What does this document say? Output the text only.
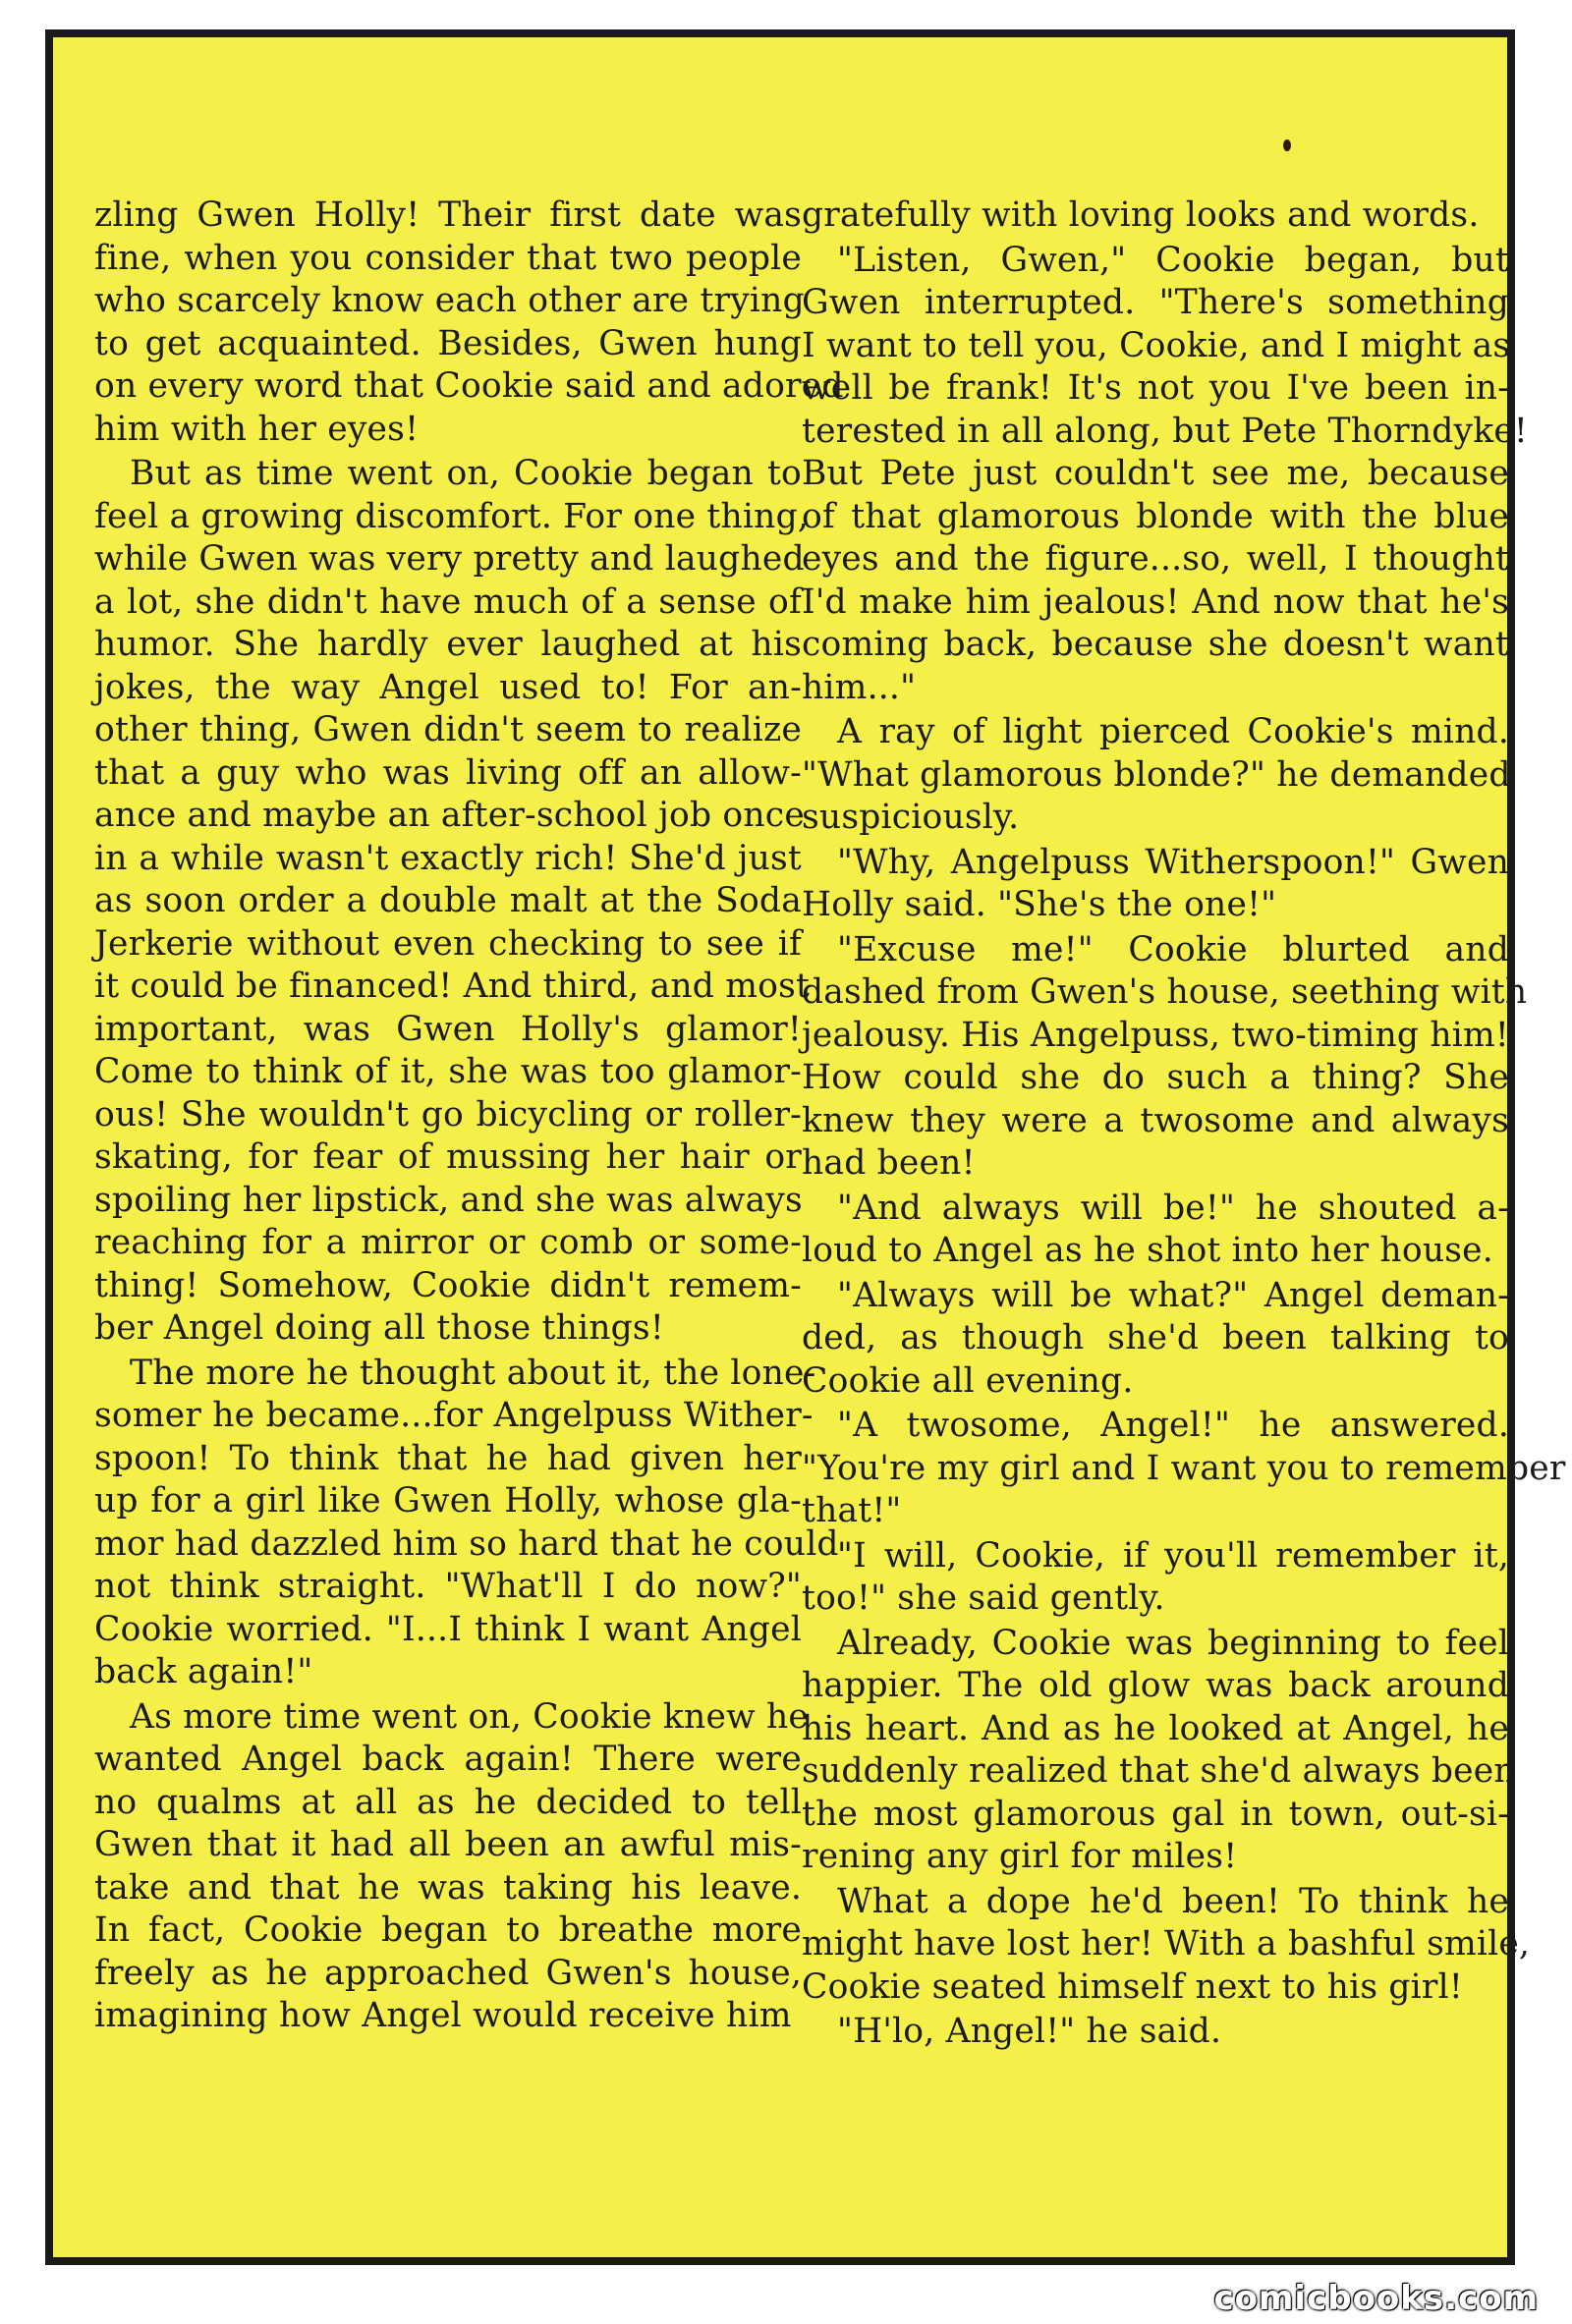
zling Gwen Holly! Their first date was
fine, when you consider that two people
who scarcely know each other are trying
to get acquainted. Besides, Gwen hung
on every word that Cookie said and adored
him with her eyes!

But as time went on, Cookie began to
feel a growing discomfort. For one thing,
while Gwen was very pretty and laughed
a lot, she didn't have much of a sense of
humor. She hardly ever laughed at his
jokes, the way Angel used to! For an-
other thing, Gwen didn't seem to realize
that a guy who was living off an allow-
ance and maybe an after-school job once
in a while wasn't exactly rich! She'd just
as soon order a double malt at the Soda
Jerkerie without even checking to see if
it could be financed! And third, and most
important, was Gwen Holly's glamor!
Come to think of it, she was too glamor-
ous! She wouldn't go bicycling or roller-
skating, for fear of mussing her hair or
spoiling her lipstick, and she was always
reaching for a mirror or comb or some-
thing! Somehow, Cookie didn't remem-
ber Angel doing all those things!

The more he thought about it, the lone-
somer he became...for Angelpuss Wither-
spoon! To think that he had given her
up for a girl like Gwen Holly, whose gla-
mor had dazzled him so hard that he could
not think straight. "What'll I do now?"
Cookie worried. "I...I think I want Angel
back again!"

As more time went on, Cookie knew he
wanted Angel back again! There were
no qualms at all as he decided to tell
Gwen that it had all been an awful mis-
take and that he was taking his leave.
In fact, Cookie began to breathe more
freely as he approached Gwen's house,
imagining how Angel would receive him

gratefully with loving looks and words.

"Listen, Gwen," Cookie began, but
Gwen interrupted. "There's something
I want to tell you, Cookie, and I might as
well be frank! It's not you I've been in-
terested in all along, but Pete Thorndyke!
But Pete just couldn't see me, because
of that glamorous blonde with the blue
eyes and the figure...so, well, I thought
I'd make him jealous! And now that he's
coming back, because she doesn't want
him..."

A ray of light pierced Cookie's mind.
"What glamorous blonde?" he demanded
suspiciously.

"Why, Angelpuss Witherspoon!" Gwen
Holly said. "She's the one!"

"Excuse me!" Cookie blurted and
dashed from Gwen's house, seething with
jealousy. His Angelpuss, two-timing him!
How could she do such a thing? She
knew they were a twosome and always
had been!

"And always will be!" he shouted a-
loud to Angel as he shot into her house.

"Always will be what?" Angel deman-
ded, as though she'd been talking to
Cookie all evening.

"A twosome, Angel!" he answered.
"You're my girl and I want you to remember
that!"

"I will, Cookie, if you'll remember it,
too!" she said gently.

Already, Cookie was beginning to feel
happier. The old glow was back around
his heart. And as he looked at Angel, he
suddenly realized that she'd always been
the most glamorous gal in town, out-si-
rening any girl for miles!

What a dope he'd been! To think he
might have lost her! With a bashful smile,
Cookie seated himself next to his girl!

"H'lo, Angel!" he said.

comicbooks.com
